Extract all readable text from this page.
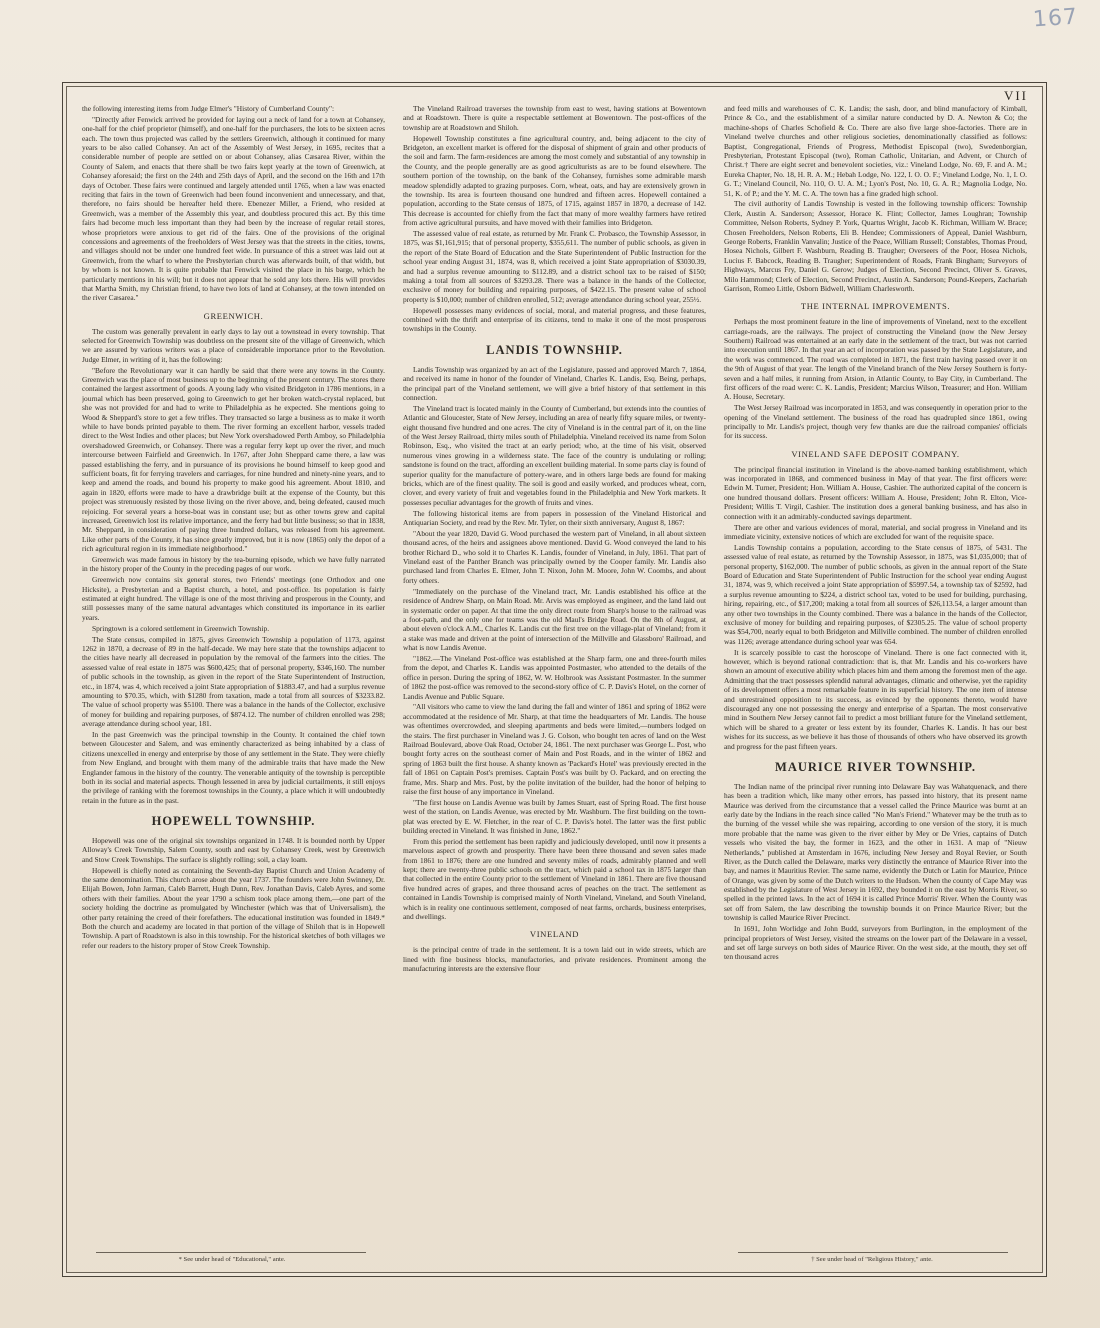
167
VII

the following interesting items from Judge Elmer's "History of Cumberland County":

"Directly after Fenwick arrived he provided for laying out a neck of land for a town at Cohansey, one-half for the chief proprietor (himself), and one-half for the purchasers, the lots to be sixteen acres each. The town thus projected was called by the settlers Greenwich, although it continued for many years to be also called Cohansey. An act of the Assembly of West Jersey, in 1695, recites that a considerable number of people are settled on or about Cohansey, alias Cæsarea River, within the County of Salem, and enacts that there shall be two fairs kept yearly at the town of Greenwich, at Cohansey aforesaid; the first on the 24th and 25th days of April, and the second on the 16th and 17th days of October. These fairs were continued and largely attended until 1765, when a law was enacted reciting that fairs in the town of Greenwich had been found inconvenient and unnecessary, and that, therefore, no fairs should be hereafter held there. Ebenezer Miller, a Friend, who resided at Greenwich, was a member of the Assembly this year, and doubtless procured this act. By this time fairs had become much less important than they had been by the increase of regular retail stores, whose proprietors were anxious to get rid of the fairs. One of the provisions of the original concessions and agreements of the freeholders of West Jersey was that the streets in the cities, towns, and villages should not be under one hundred feet wide. In pursuance of this a street was laid out at Greenwich, from the wharf to where the Presbyterian church was afterwards built, of that width, but by whom is not known. It is quite probable that Fenwick visited the place in his barge, which he particularly mentions in his will; but it does not appear that he sold any lots there. His will provides that Martha Smith, my Christian friend, to have two lots of land at Cohansey, at the town intended on the river Cæsarea."

GREENWICH.

The custom was generally prevalent in early days to lay out a townstead in every township. That selected for Greenwich Township was doubtless on the present site of the village of Greenwich, which we are assured by various writers was a place of considerable importance prior to the Revolution. Judge Elmer, in writing of it, has the following:

"Before the Revolutionary war it can hardly be said that there were any towns in the County. Greenwich was the place of most business up to the beginning of the present century. The stores there contained the largest assortment of goods. A young lady who visited Bridgeton in 1786 mentions, in a journal which has been preserved, going to Greenwich to get her broken watch-crystal replaced, but she was not provided for and had to write to Philadelphia as he expected. She mentions going to Wood & Sheppard's store to get a few trifles. They transacted so large a business as to make it worth while to have bonds printed payable to them. The river forming an excellent harbor, vessels traded direct to the West Indies and other places; but New York overshadowed Perth Amboy, so Philadelphia overshadowed Greenwich, or Cohansey. There was a regular ferry kept up over the river, and much intercourse between Fairfield and Greenwich. In 1767, after John Sheppard came there, a law was passed establishing the ferry, and in pursuance of its provisions he bound himself to keep good and sufficient boats, fit for ferrying travelers and carriages, for nine hundred and ninety-nine years, and to keep and amend the roads, and bound his property to make good his agreement. About 1810, and again in 1820, efforts were made to have a drawbridge built at the expense of the County, but this project was strenuously resisted by those living on the river above, and, being defeated, caused much rejoicing. For several years a horse-boat was in constant use; but as other towns grew and capital increased, Greenwich lost its relative importance, and the ferry had but little business; so that in 1838, Mr. Sheppard, in consideration of paying three hundred dollars, was released from his agreement. Like other parts of the County, it has since greatly improved, but it is now (1865) only the depot of a rich agricultural region in its immediate neighborhood."

Greenwich was made famous in history by the tea-burning episode, which we have fully narrated in the history proper of the County in the preceding pages of our work.

Greenwich now contains six general stores, two Friends' meetings (one Orthodox and one Hicksite), a Presbyterian and a Baptist church, a hotel, and post-office. Its population is fairly estimated at eight hundred. The village is one of the most thriving and prosperous in the County, and still possesses many of the same natural advantages which constituted its importance in its earlier years.

Springtown is a colored settlement in Greenwich Township.

The State census, compiled in 1875, gives Greenwich Township a population of 1173, against 1262 in 1870, a decrease of 89 in the half-decade. We may here state that the townships adjacent to the cities have nearly all decreased in population by the removal of the farmers into the cities. The assessed value of real estate in 1875 was $600,425; that of personal property, $346,160. The number of public schools in the township, as given in the report of the State Superintendent of Instruction, etc., in 1874, was 4, which received a joint State appropriation of $1883.47, and had a surplus revenue amounting to $70.35, which, with $1280 from taxation, made a total from all sources of $3233.82. The value of school property was $5100. There was a balance in the hands of the Collector, exclusive of money for building and repairing purposes, of $874.12. The number of children enrolled was 298; average attendance during school year, 181.

In the past Greenwich was the principal township in the County. It contained the chief town between Gloucester and Salem, and was eminently characterized as being inhabited by a class of citizens unexcelled in energy and enterprise by those of any settlement in the State. They were chiefly from New England, and brought with them many of the admirable traits that have made the New Englander famous in the history of the country. The venerable antiquity of the township is perceptible both in its social and material aspects. Though lessened in area by judicial curtailments, it still enjoys the privilege of ranking with the foremost townships in the County, a place which it will undoubtedly retain in the future as in the past.

HOPEWELL TOWNSHIP.

Hopewell was one of the original six townships organized in 1748. It is bounded north by Upper Alloway's Creek Township, Salem County, south and east by Cohansey Creek, west by Greenwich and Stow Creek Townships. The surface is slightly rolling; soil, a clay loam.

Hopewell is chiefly noted as containing the Seventh-day Baptist Church and Union Academy of the same denomination. This church arose about the year 1737. The founders were John Swinney, Dr. Elijah Bowen, John Jarman, Caleb Barrett, Hugh Dunn, Rev. Jonathan Davis, Caleb Ayres, and some others with their families. About the year 1790 a schism took place among them,—one part of the society holding the doctrine as promulgated by Winchester (which was that of Universalism), the other party retaining the creed of their forefathers. The educational institution was founded in 1849.* Both the church and academy are located in that portion of the village of Shiloh that is in Hopewell Township. A part of Roadstown is also in this township. For the historical sketches of both villages we refer our readers to the history proper of Stow Creek Township.

The Vineland Railroad traverses the township from east to west, having stations at Bowentown and at Roadstown. There is quite a respectable settlement at Bowentown. The post-offices of the township are at Roadstown and Shiloh.

Hopewell Township constitutes a fine agricultural country, and, being adjacent to the city of Bridgeton, an excellent market is offered for the disposal of shipment of grain and other products of the soil and farm. The farm-residences are among the most comely and substantial of any township in the County, and the people generally are as good agriculturists as are to be found elsewhere. The southern portion of the township, on the bank of the Cohansey, furnishes some admirable marsh meadow splendidly adapted to grazing purposes. Corn, wheat, oats, and hay are extensively grown in the township. Its area is fourteen thousand one hundred and fifteen acres. Hopewell contained a population, according to the State census of 1875, of 1715, against 1857 in 1870, a decrease of 142. This decrease is accounted for chiefly from the fact that many of more wealthy farmers have retired from active agricultural pursuits, and have moved with their families into Bridgeton.

The assessed value of real estate, as returned by Mr. Frank C. Probasco, the Township Assessor, in 1875, was $1,161,915; that of personal property, $355,611. The number of public schools, as given in the report of the State Board of Education and the State Superintendent of Public Instruction for the school year ending August 31, 1874, was 8, which received a joint State appropriation of $3030.39, and had a surplus revenue amounting to $112.89, and a district school tax to be raised of $150; making a total from all sources of $3293.28. There was a balance in the hands of the Collector, exclusive of money for building and repairing purposes, of $422.15. The present value of school property is $10,000; number of children enrolled, 512; average attendance during school year, 255½.

Hopewell possesses many evidences of social, moral, and material progress, and these features, combined with the thrift and enterprise of its citizens, tend to make it one of the most prosperous townships in the County.

LANDIS TOWNSHIP.

Landis Township was organized by an act of the Legislature, passed and approved March 7, 1864, and received its name in honor of the founder of Vineland, Charles K. Landis, Esq. Being, perhaps, the principal part of the Vineland settlement, we will give a brief history of that settlement in this connection.

The Vineland tract is located mainly in the County of Cumberland, but extends into the counties of Atlantic and Gloucester, State of New Jersey, including an area of nearly fifty square miles, or twenty-eight thousand five hundred and one acres. The city of Vineland is in the central part of it, on the line of the West Jersey Railroad, thirty miles south of Philadelphia. Vineland received its name from Solon Robinson, Esq., who visited the tract at an early period; who, at the time of his visit, observed numerous vines growing in a wilderness state. The face of the country is undulating or rolling; sandstone is found on the tract, affording an excellent building material. In some parts clay is found of superior quality for the manufacture of pottery-ware, and in others large beds are found for making bricks, which are of the finest quality. The soil is good and easily worked, and produces wheat, corn, clover, and every variety of fruit and vegetables found in the Philadelphia and New York markets. It possesses peculiar advantages for the growth of fruits and vines.

The following historical items are from papers in possession of the Vineland Historical and Antiquarian Society, and read by the Rev. Mr. Tyler, on their sixth anniversary, August 8, 1867:

"About the year 1820, David G. Wood purchased the western part of Vineland, in all about sixteen thousand acres, of the heirs and assignees above mentioned. David G. Wood conveyed the land to his brother Richard D., who sold it to Charles K. Landis, founder of Vineland, in July, 1861. That part of Vineland east of the Panther Branch was principally owned by the Cooper family. Mr. Landis also purchased land from Charles E. Elmer, John T. Nixon, John M. Moore, John W. Coombs, and about forty others.

"Immediately on the purchase of the Vineland tract, Mr. Landis established his office at the residence of Andrew Sharp, on Main Road. Mr. Arvis was employed as engineer, and the land laid out in systematic order on paper. At that time the only direct route from Sharp's house to the railroad was a foot-path, and the only one for teams was the old Maul's Bridge Road. On the 8th of August, at about eleven o'clock A.M., Charles K. Landis cut the first tree on the village-plat of Vineland; from it a stake was made and driven at the point of intersection of the Millville and Glassboro' Railroad, and what is now Landis Avenue.

"1862.—The Vineland Post-office was established at the Sharp farm, one and three-fourth miles from the depot, and Charles K. Landis was appointed Postmaster, who attended to the details of the office in person. During the spring of 1862, W. W. Holbrook was Assistant Postmaster. In the summer of 1862 the post-office was removed to the second-story office of C. P. Davis's Hotel, on the corner of Landis Avenue and Public Square.

"All visitors who came to view the land during the fall and winter of 1861 and spring of 1862 were accommodated at the residence of Mr. Sharp, at that time the headquarters of Mr. Landis. The house was oftentimes overcrowded, and sleeping apartments and beds were limited,—numbers lodged on the stairs. The first purchaser in Vineland was J. G. Colson, who bought ten acres of land on the West Railroad Boulevard, above Oak Road, October 24, 1861. The next purchaser was George L. Post, who bought forty acres on the southeast corner of Main and Post Roads, and in the winter of 1862 and spring of 1863 built the first house. A shanty known as 'Packard's Hotel' was previously erected in the fall of 1861 on Captain Post's premises. Captain Post's was built by O. Packard, and on erecting the frame, Mrs. Sharp and Mrs. Post, by the polite invitation of the builder, had the honor of helping to raise the first house of any importance in Vineland.

"The first house on Landis Avenue was built by James Stuart, east of Spring Road. The first house west of the station, on Landis Avenue, was erected by Mr. Washburn. The first building on the town-plat was erected by E. W. Fletcher, in the rear of C. P. Davis's hotel. The latter was the first public building erected in Vineland. It was finished in June, 1862."

From this period the settlement has been rapidly and judiciously developed, until now it presents a marvelous aspect of growth and prosperity. There have been three thousand and seven sales made from 1861 to 1876; there are one hundred and seventy miles of roads, admirably planned and well kept; there are twenty-three public schools on the tract, which paid a school tax in 1875 larger than that collected in the entire County prior to the settlement of Vineland in 1861. There are five thousand five hundred acres of grapes, and three thousand acres of peaches on the tract. The settlement as contained in Landis Township is comprised mainly of North Vineland, Vineland, and South Vineland, which is in reality one continuous settlement, composed of neat farms, orchards, business enterprises, and dwellings.

VINELAND

is the principal centre of trade in the settlement. It is a town laid out in wide streets, which are lined with fine business blocks, manufactories, and private residences. Prominent among the manufacturing interests are the extensive flour

and feed mills and warehouses of C. K. Landis; the sash, door, and blind manufactory of Kimball, Prince & Co., and the establishment of a similar nature conducted by D. A. Newton & Co; the machine-shops of Charles Schofield & Co. There are also five large shoe-factories. There are in Vineland twelve churches and other religious societies, denominationally classified as follows: Baptist, Congregational, Friends of Progress, Methodist Episcopal (two), Swedenborgian, Presbyterian, Protestant Episcopal (two), Roman Catholic, Unitarian, and Advent, or Church of Christ.† There are eight secret and benevolent societies, viz.: Vineland Lodge, No. 69, F. and A. M.; Eureka Chapter, No. 18, H. R. A. M.; Hebah Lodge, No. 122, I. O. O. F.; Vineland Lodge, No. 1, I. O. G. T.; Vineland Council, No. 110, O. U. A. M.; Lyon's Post, No. 10, G. A. R.; Magnolia Lodge, No. 51, K. of P.; and the Y. M. C. A. The town has a fine graded high school.

The civil authority of Landis Township is vested in the following township officers: Township Clerk, Austin A. Sanderson; Assessor, Horace K. Flint; Collector, James Loughran; Township Committee, Nelson Roberts, Sydney P. York, Quartus Wright, Jacob K. Richman, William W. Brace; Chosen Freeholders, Nelson Roberts, Eli B. Hendee; Commissioners of Appeal, Daniel Washburn, George Roberts, Franklin Vanvalin; Justice of the Peace, William Russell; Constables, Thomas Proud, Hosea Nichols, Gilbert F. Washburn, Reading B. Traugher; Overseers of the Poor, Hosea Nichols, Lucius F. Babcock, Reading B. Traugher; Superintendent of Roads, Frank Bingham; Surveyors of Highways, Marcus Fry, Daniel G. Gerow; Judges of Election, Second Precinct, Oliver S. Graves, Milo Hammond; Clerk of Election, Second Precinct, Austin A. Sanderson; Pound-Keepers, Zachariah Garrison, Romeo Little, Osborn Bidwell, William Charlesworth.

THE INTERNAL IMPROVEMENTS.

Perhaps the most prominent feature in the line of improvements of Vineland, next to the excellent carriage-roads, are the railways. The project of constructing the Vineland (now the New Jersey Southern) Railroad was entertained at an early date in the settlement of the tract, but was not carried into execution until 1867. In that year an act of incorporation was passed by the State Legislature, and the work was commenced. The road was completed in 1871, the first train having passed over it on the 9th of August of that year. The length of the Vineland branch of the New Jersey Southern is forty-seven and a half miles, it running from Atsion, in Atlantic County, to Bay City, in Cumberland. The first officers of the road were: C. K. Landis, President; Marcius Wilson, Treasurer; and Hon. William A. House, Secretary.

The West Jersey Railroad was incorporated in 1853, and was consequently in operation prior to the opening of the Vineland settlement. The business of the road has quadrupled since 1861, owing principally to Mr. Landis's project, though very few thanks are due the railroad companies' officials for its success.

VINELAND SAFE DEPOSIT COMPANY.

The principal financial institution in Vineland is the above-named banking establishment, which was incorporated in 1868, and commenced business in May of that year. The first officers were: Edwin M. Turner, President; Hon. William A. House, Cashier. The authorized capital of the concern is one hundred thousand dollars. Present officers: William A. House, President; John R. Elton, Vice-President; Willis T. Virgil, Cashier. The institution does a general banking business, and has also in connection with it an admirably-conducted savings department.

There are other and various evidences of moral, material, and social progress in Vineland and its immediate vicinity, extensive notices of which are excluded for want of the requisite space.

Landis Township contains a population, according to the State census of 1875, of 5431. The assessed value of real estate, as returned by the Township Assessor, in 1875, was $1,035,000; that of personal property, $162,000. The number of public schools, as given in the annual report of the State Board of Education and State Superintendent of Public Instruction for the school year ending August 31, 1874, was 9, which received a joint State appropriation of $5997.54, a township tax of $2592, had a surplus revenue amounting to $224, a district school tax, voted to be used for building, purchasing, hiring, repairing, etc., of $17,200; making a total from all sources of $26,113.54, a larger amount than any other two townships in the County combined. There was a balance in the hands of the Collector, exclusive of money for building and repairing purposes, of $2305.25. The value of school property was $54,700, nearly equal to both Bridgeton and Millville combined. The number of children enrolled was 1126; average attendance during school year was 654.

It is scarcely possible to cast the horoscope of Vineland. There is one fact connected with it, however, which is beyond rational contradiction: that is, that Mr. Landis and his co-workers have shown an amount of executive ability which places him and them among the foremost men of the age. Admitting that the tract possesses splendid natural advantages, climatic and otherwise, yet the rapidity of its development offers a most remarkable feature in its superficial history. The one item of intense and unrestrained opposition to its success, as evinced by the opponents thereto, would have discouraged any one not possessing the energy and enterprise of a Spartan. The most conservative mind in Southern New Jersey cannot fail to predict a most brilliant future for the Vineland settlement, which will be shared to a greater or less extent by its founder, Charles K. Landis. It has our best wishes for its success, as we believe it has those of thousands of others who have observed its growth and progress for the past fifteen years.

MAURICE RIVER TOWNSHIP.

The Indian name of the principal river running into Delaware Bay was Wahatquenack, and there has been a tradition which, like many other errors, has passed into history, that its present name Maurice was derived from the circumstance that a vessel called the Prince Maurice was burnt at an early date by the Indians in the reach since called "No Man's Friend." Whatever may be the truth as to the burning of the vessel while she was repairing, according to one version of the story, it is much more probable that the name was given to the river either by Mey or De Vries, captains of Dutch vessels who visited the bay, the former in 1623, and the other in 1631. A map of "Nieuw Netherlands," published at Amsterdam in 1676, including New Jersey and Royal Revier, or South River, as the Dutch called the Delaware, marks very distinctly the entrance of Maurice River into the bay, and names it Mauritius Revier. The same name, evidently the Dutch or Latin for Maurice, Prince of Orange, was given by some of the Dutch writers to the Hudson. When the county of Cape May was established by the Legislature of West Jersey in 1692, they bounded it on the east by Morris River, so spelled in the printed laws. In the act of 1694 it is called Prince Morris' River. When the County was set off from Salem, the law describing the township bounds it on Prince Maurice River; but the township is called Maurice River Precinct.

In 1691, John Worlidge and John Budd, surveyors from Burlington, in the employment of the principal proprietors of West Jersey, visited the streams on the lower part of the Delaware in a vessel, and set off large surveys on both sides of Maurice River. On the west side, at the mouth, they set off ten thousand acres

* See under head of "Educational," ante.	† See under head of "Religious History," ante.
